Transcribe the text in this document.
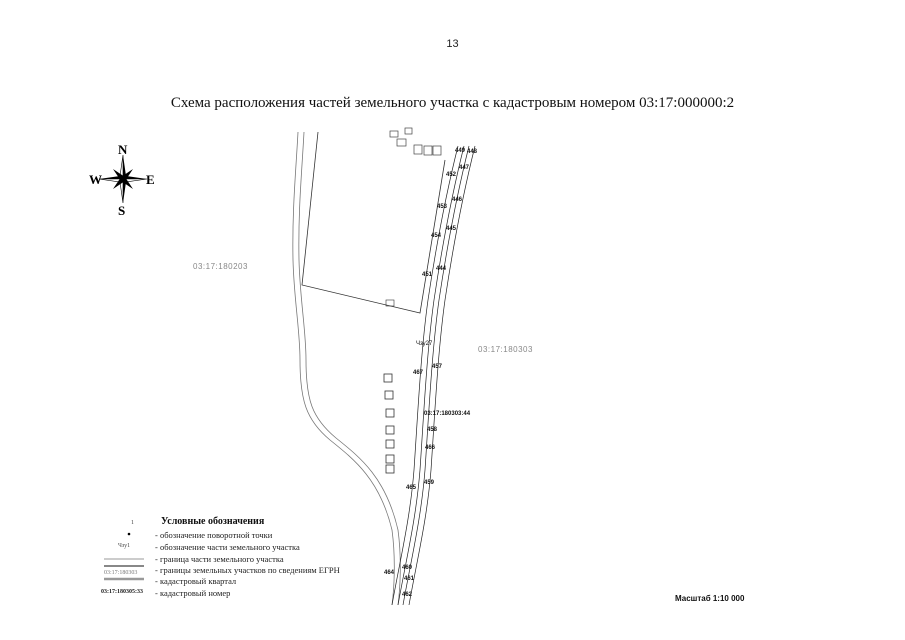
13
Схема расположения частей земельного участка с кадастровым номером 03:17:000000:2
N
S
E
W
03:17:180203
03:17:180303
Чзу27
03:17:180303:44
449 448
447
452
446
453
445
454
444
451
457
467
458
466
459
465
460
464
461
462
1
Чзу1
03:17:180303
03:17:180305:33
Условные обозначения
- обозначение поворотной точки
- обозначение части земельного участка
- граница части земельного участка
- границы земельных участков по сведениям ЕГРН
- кадастровый квартал
- кадастровый номер
Масштаб 1:10 000
